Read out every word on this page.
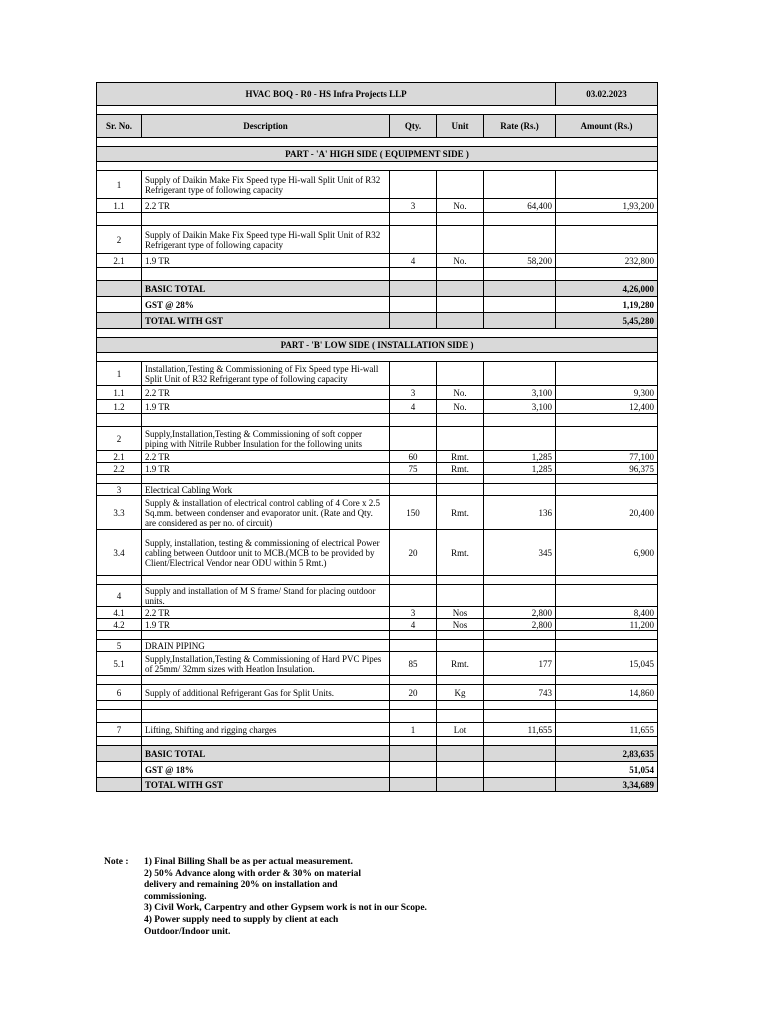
HVAC BOQ - R0 - HS Infra Projects LLP					03.02.2023

Sr. No.	Description	Qty.	Unit	Rate (Rs.)	Amount (Rs.)

PART - 'A' HIGH SIDE ( EQUIPMENT SIDE )					

1	Supply of Daikin Make Fix Speed type Hi-wall Split Unit of R32 Refrigerant type of following capacity				
1.1	2.2 TR	3	No.	64,400	1,93,200

2	Supply of Daikin Make Fix Speed type Hi-wall Split Unit of R32 Refrigerant type of following capacity				
2.1	1.9 TR	4	No.	58,200	232,800

	BASIC TOTAL				4,26,000
	GST @ 28%				1,19,280
	TOTAL WITH GST				5,45,280

PART - 'B' LOW SIDE ( INSTALLATION SIDE )					

1	Installation,Testing & Commissioning of Fix Speed type Hi-wall Split Unit of R32 Refrigerant type of following capacity				
1.1	2.2 TR	3	No.	3,100	9,300
1.2	1.9 TR	4	No.	3,100	12,400

2	Supply,Installation,Testing & Commissioning of soft copper piping with Nitrile Rubber Insulation for the following units				
2.1	2.2 TR	60	Rmt.	1,285	77,100
2.2	1.9 TR	75	Rmt.	1,285	96,375

3	Electrical Cabling Work				
3.3	Supply & installation of electrical control cabling of 4 Core x 2.5 Sq.mm. between condenser and evaporator unit. (Rate and Qty. are considered as per no. of circuit)	150	Rmt.	136	20,400
3.4	Supply, installation, testing & commissioning of electrical Power cabling between Outdoor unit to MCB.(MCB to be provided by Client/Electrical Vendor near ODU within 5 Rmt.)	20	Rmt.	345	6,900

4	Supply and installation of M S frame/ Stand for placing outdoor units.				
4.1	2.2 TR	3	Nos	2,800	8,400
4.2	1.9 TR	4	Nos	2,800	11,200

5	DRAIN PIPING				
5.1	Supply,Installation,Testing & Commissioning of Hard PVC Pipes of 25mm/ 32mm sizes with Heatlon Insulation.	85	Rmt.	177	15,045

6	Supply of additional Refrigerant Gas for Split Units.	20	Kg	743	14,860

7	Lifting, Shifting and rigging charges	1	Lot	11,655	11,655

	BASIC TOTAL				2,83,635
	GST @ 18%				51,054
	TOTAL WITH GST				3,34,689
Note :	1) Final Billing Shall be as per actual measurement.
2) 50% Advance along with order & 30% on material delivery and remaining 20% on installation and commissioning.
3) Civil Work, Carpentry and other Gypsem work is not in our Scope.
4) Power supply need to supply by client at each Outdoor/Indoor unit.
